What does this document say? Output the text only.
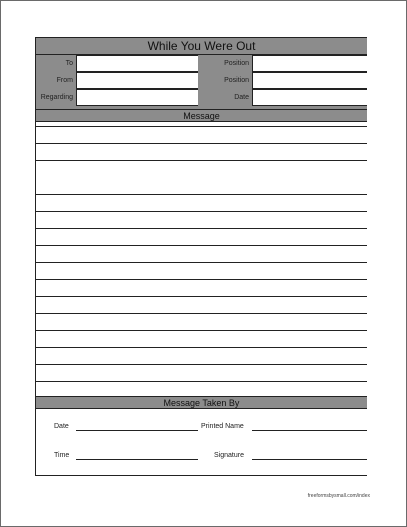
While You Were Out
To	Position
From	Position
Regarding	Date
Message
Message Taken By
Date	Printed Name
Time	Signature
freeformsbysmall.com/index
